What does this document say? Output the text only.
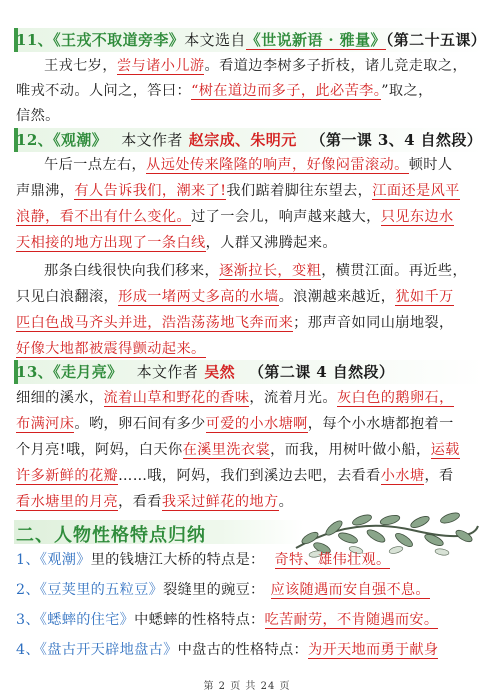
11、《王戎不取道旁李》本文选自《世说新语 · 雅量》（第二十五课）
王戎七岁，尝与诸小儿游。看道边李树多子折枝，诸儿竞走取之，
唯戎不动。人问之，答曰：“树在道边而多子，此必苦李。”取之，
信然。
12、《观潮》 本文作者 赵宗成、朱明元 （第一课 3、4 自然段）
午后一点左右，从远处传来隆隆的响声，好像闷雷滚动。顿时人
声鼎沸，有人告诉我们，潮来了!我们踮着脚往东望去，江面还是风平
浪静，看不出有什么变化。过了一会儿，响声越来越大，只见东边水
天相接的地方出现了一条白线，人群又沸腾起来。
那条白线很快向我们移来，逐渐拉长，变粗，横贯江面。再近些，
只见白浪翻滚，形成一堵两丈多高的水墙。浪潮越来越近，犹如千万
匹白色战马齐头并进，浩浩荡荡地飞奔而来；那声音如同山崩地裂，
好像大地都被震得颤动起来。
13、《走月亮》 本文作者 吴然 （第二课 4 自然段）
细细的溪水，流着山草和野花的香味，流着月光。灰白色的鹅卵石，
布满河床。哟，卵石间有多少可爱的小水塘啊，每个小水塘都抱着一
个月亮!哦，阿妈，白天你在溪里洗衣裳，而我，用树叶做小船，运载
许多新鲜的花瓣……哦，阿妈，我们到溪边去吧，去看看小水塘，看
看水塘里的月亮，看看我采过鲜花的地方。
二、人物性格特点归纳
1、《观潮》里的钱塘江大桥的特点是： 奇特、雄伟壮观。
2、《豆荚里的五粒豆》裂缝里的豌豆： 应该随遇而安自强不息。
3、《蟋蟀的住宅》中蟋蟀的性格特点：吃苦耐劳，不肯随遇而安。
4、《盘古开天辟地盘古》中盘古的性格特点：为开天地而勇于献身
第 2 页 共 24 页
